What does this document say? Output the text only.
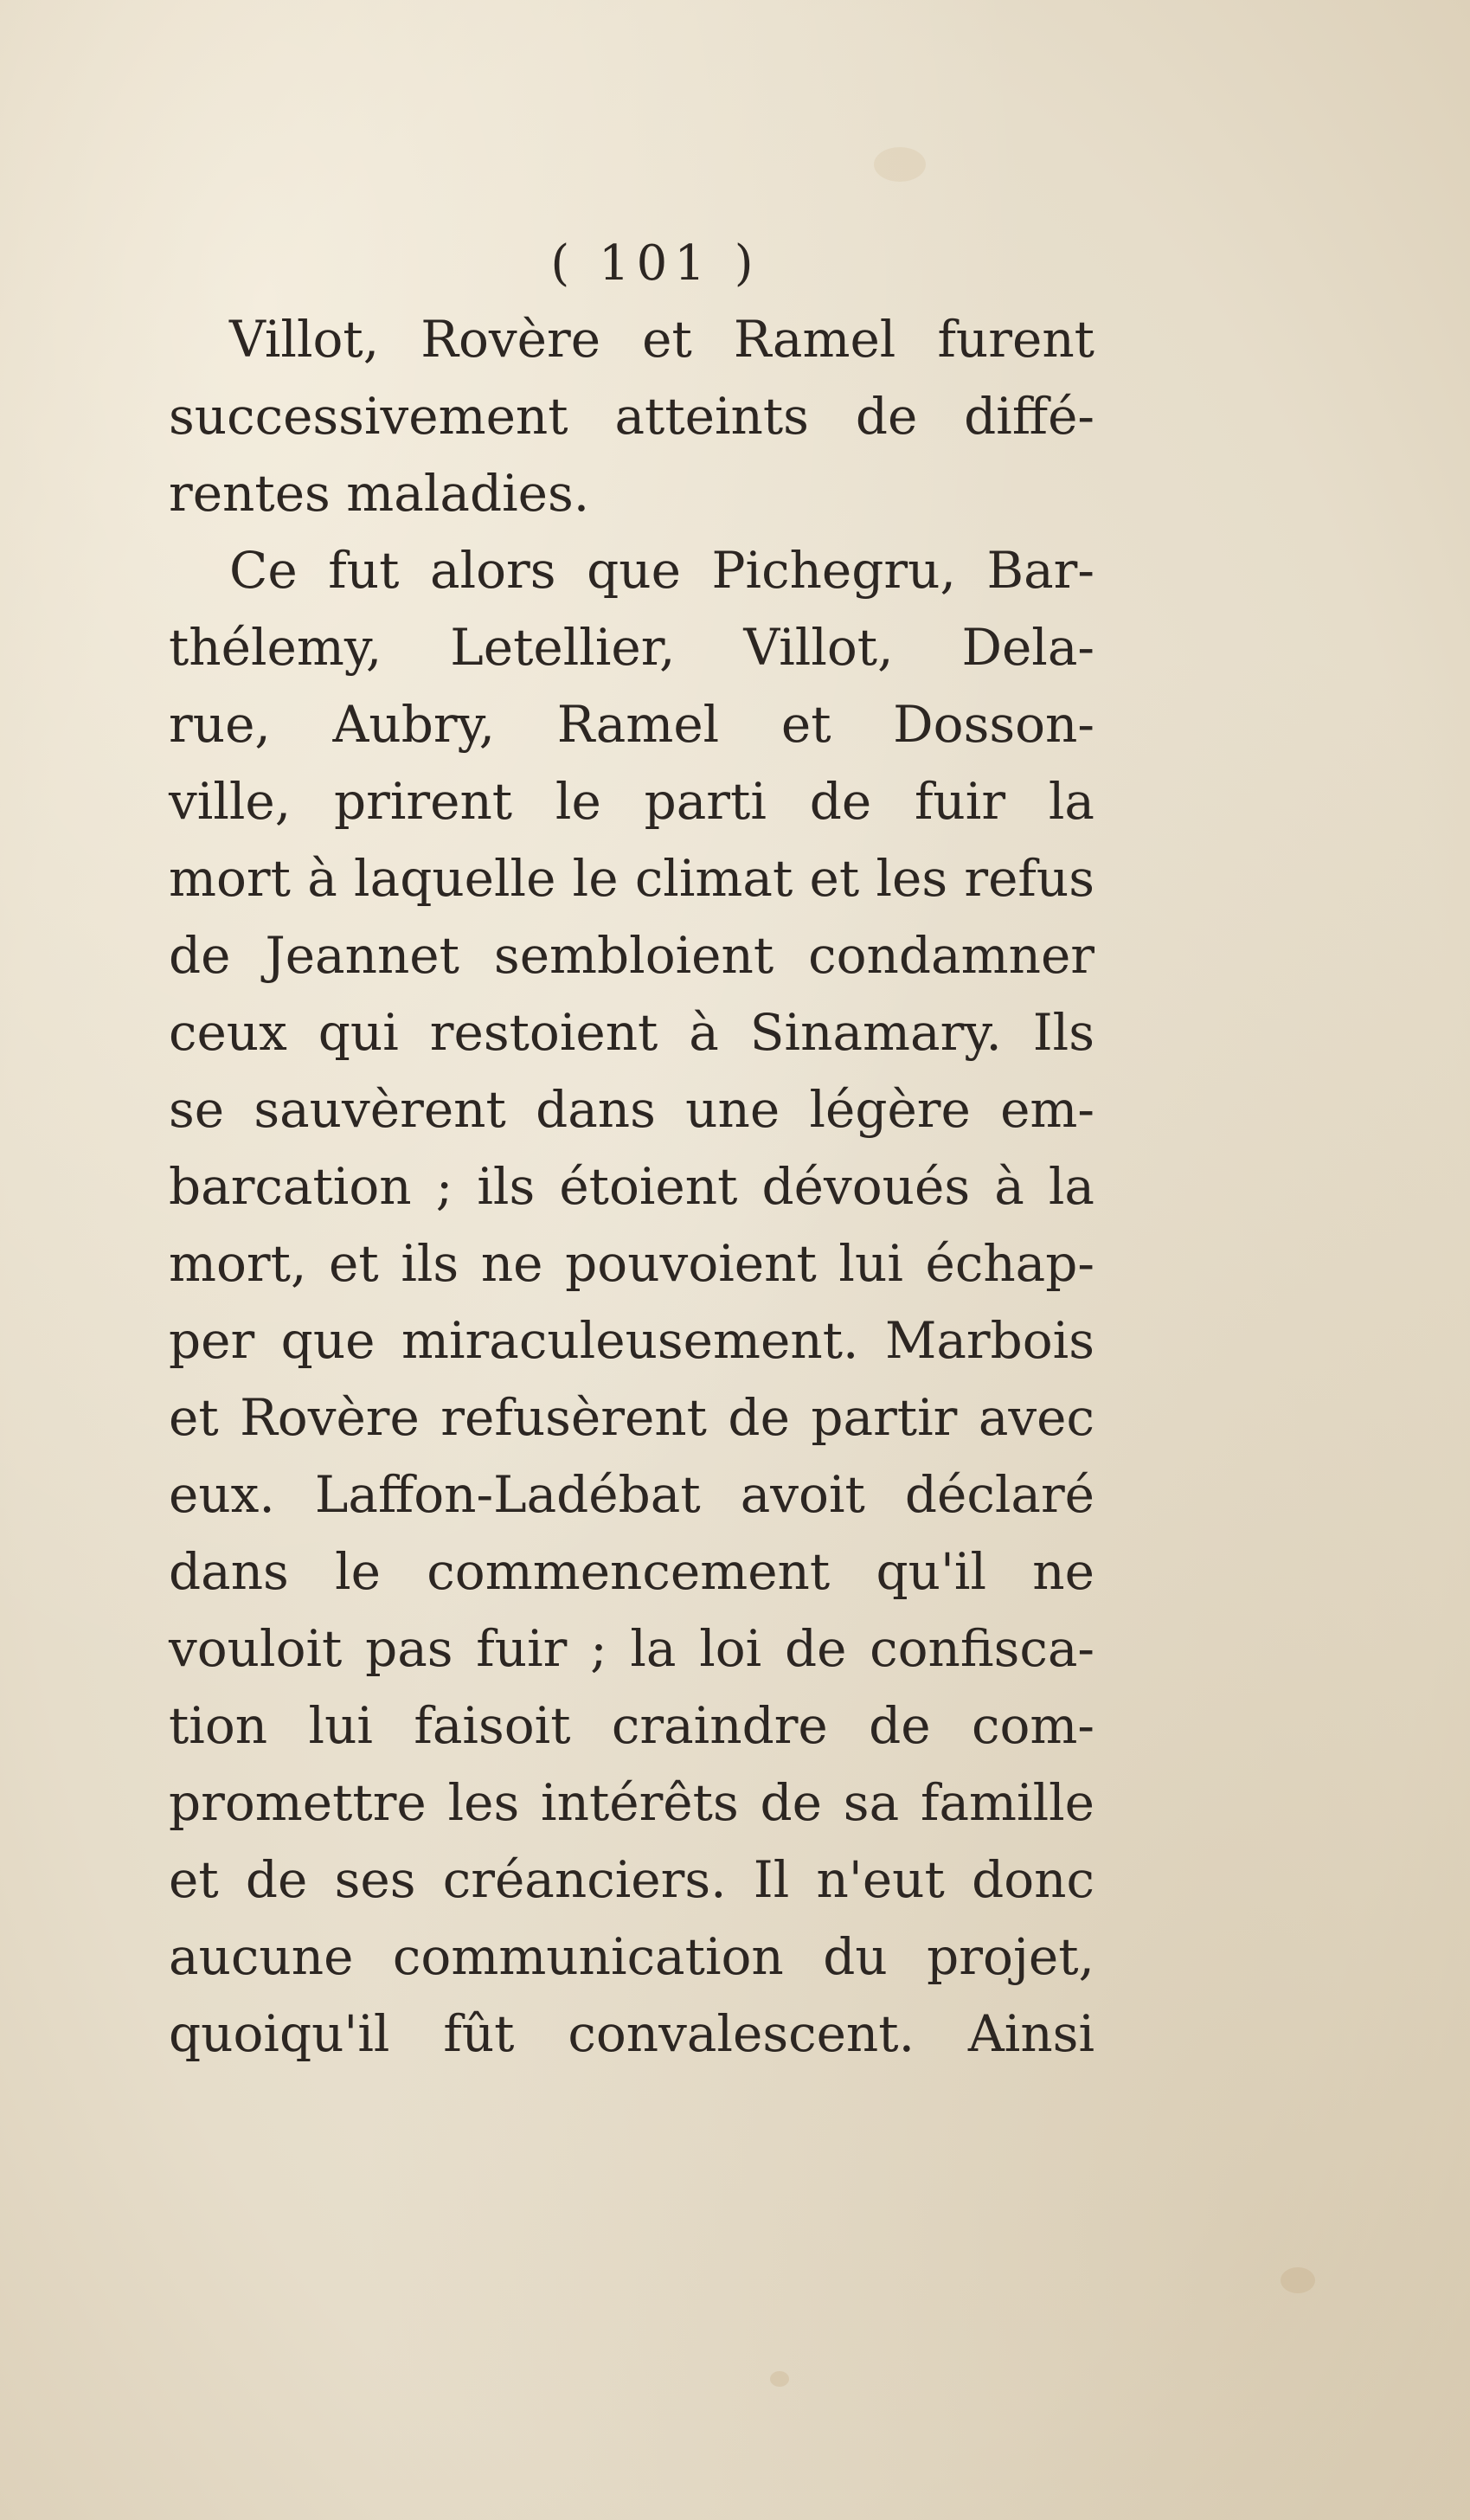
( 101 )
Villot, Rovère et Ramel furent
successivement atteints de diffé-
rentes maladies.
Ce fut alors que Pichegru, Bar-
thélemy, Letellier, Villot, Dela-
rue, Aubry, Ramel et Dosson-
ville, prirent le parti de fuir la
mort à laquelle le climat et les refus
de Jeannet sembloient condamner
ceux qui restoient à Sinamary. Ils
se sauvèrent dans une légère em-
barcation ; ils étoient dévoués à la
mort, et ils ne pouvoient lui échap-
per que miraculeusement. Marbois
et Rovère refusèrent de partir avec
eux. Laffon-Ladébat avoit déclaré
dans le commencement qu'il ne
vouloit pas fuir ; la loi de confisca-
tion lui faisoit craindre de com-
promettre les intérêts de sa famille
et de ses créanciers. Il n'eut donc
aucune communication du projet,
quoiqu'il fût convalescent. Ainsi
